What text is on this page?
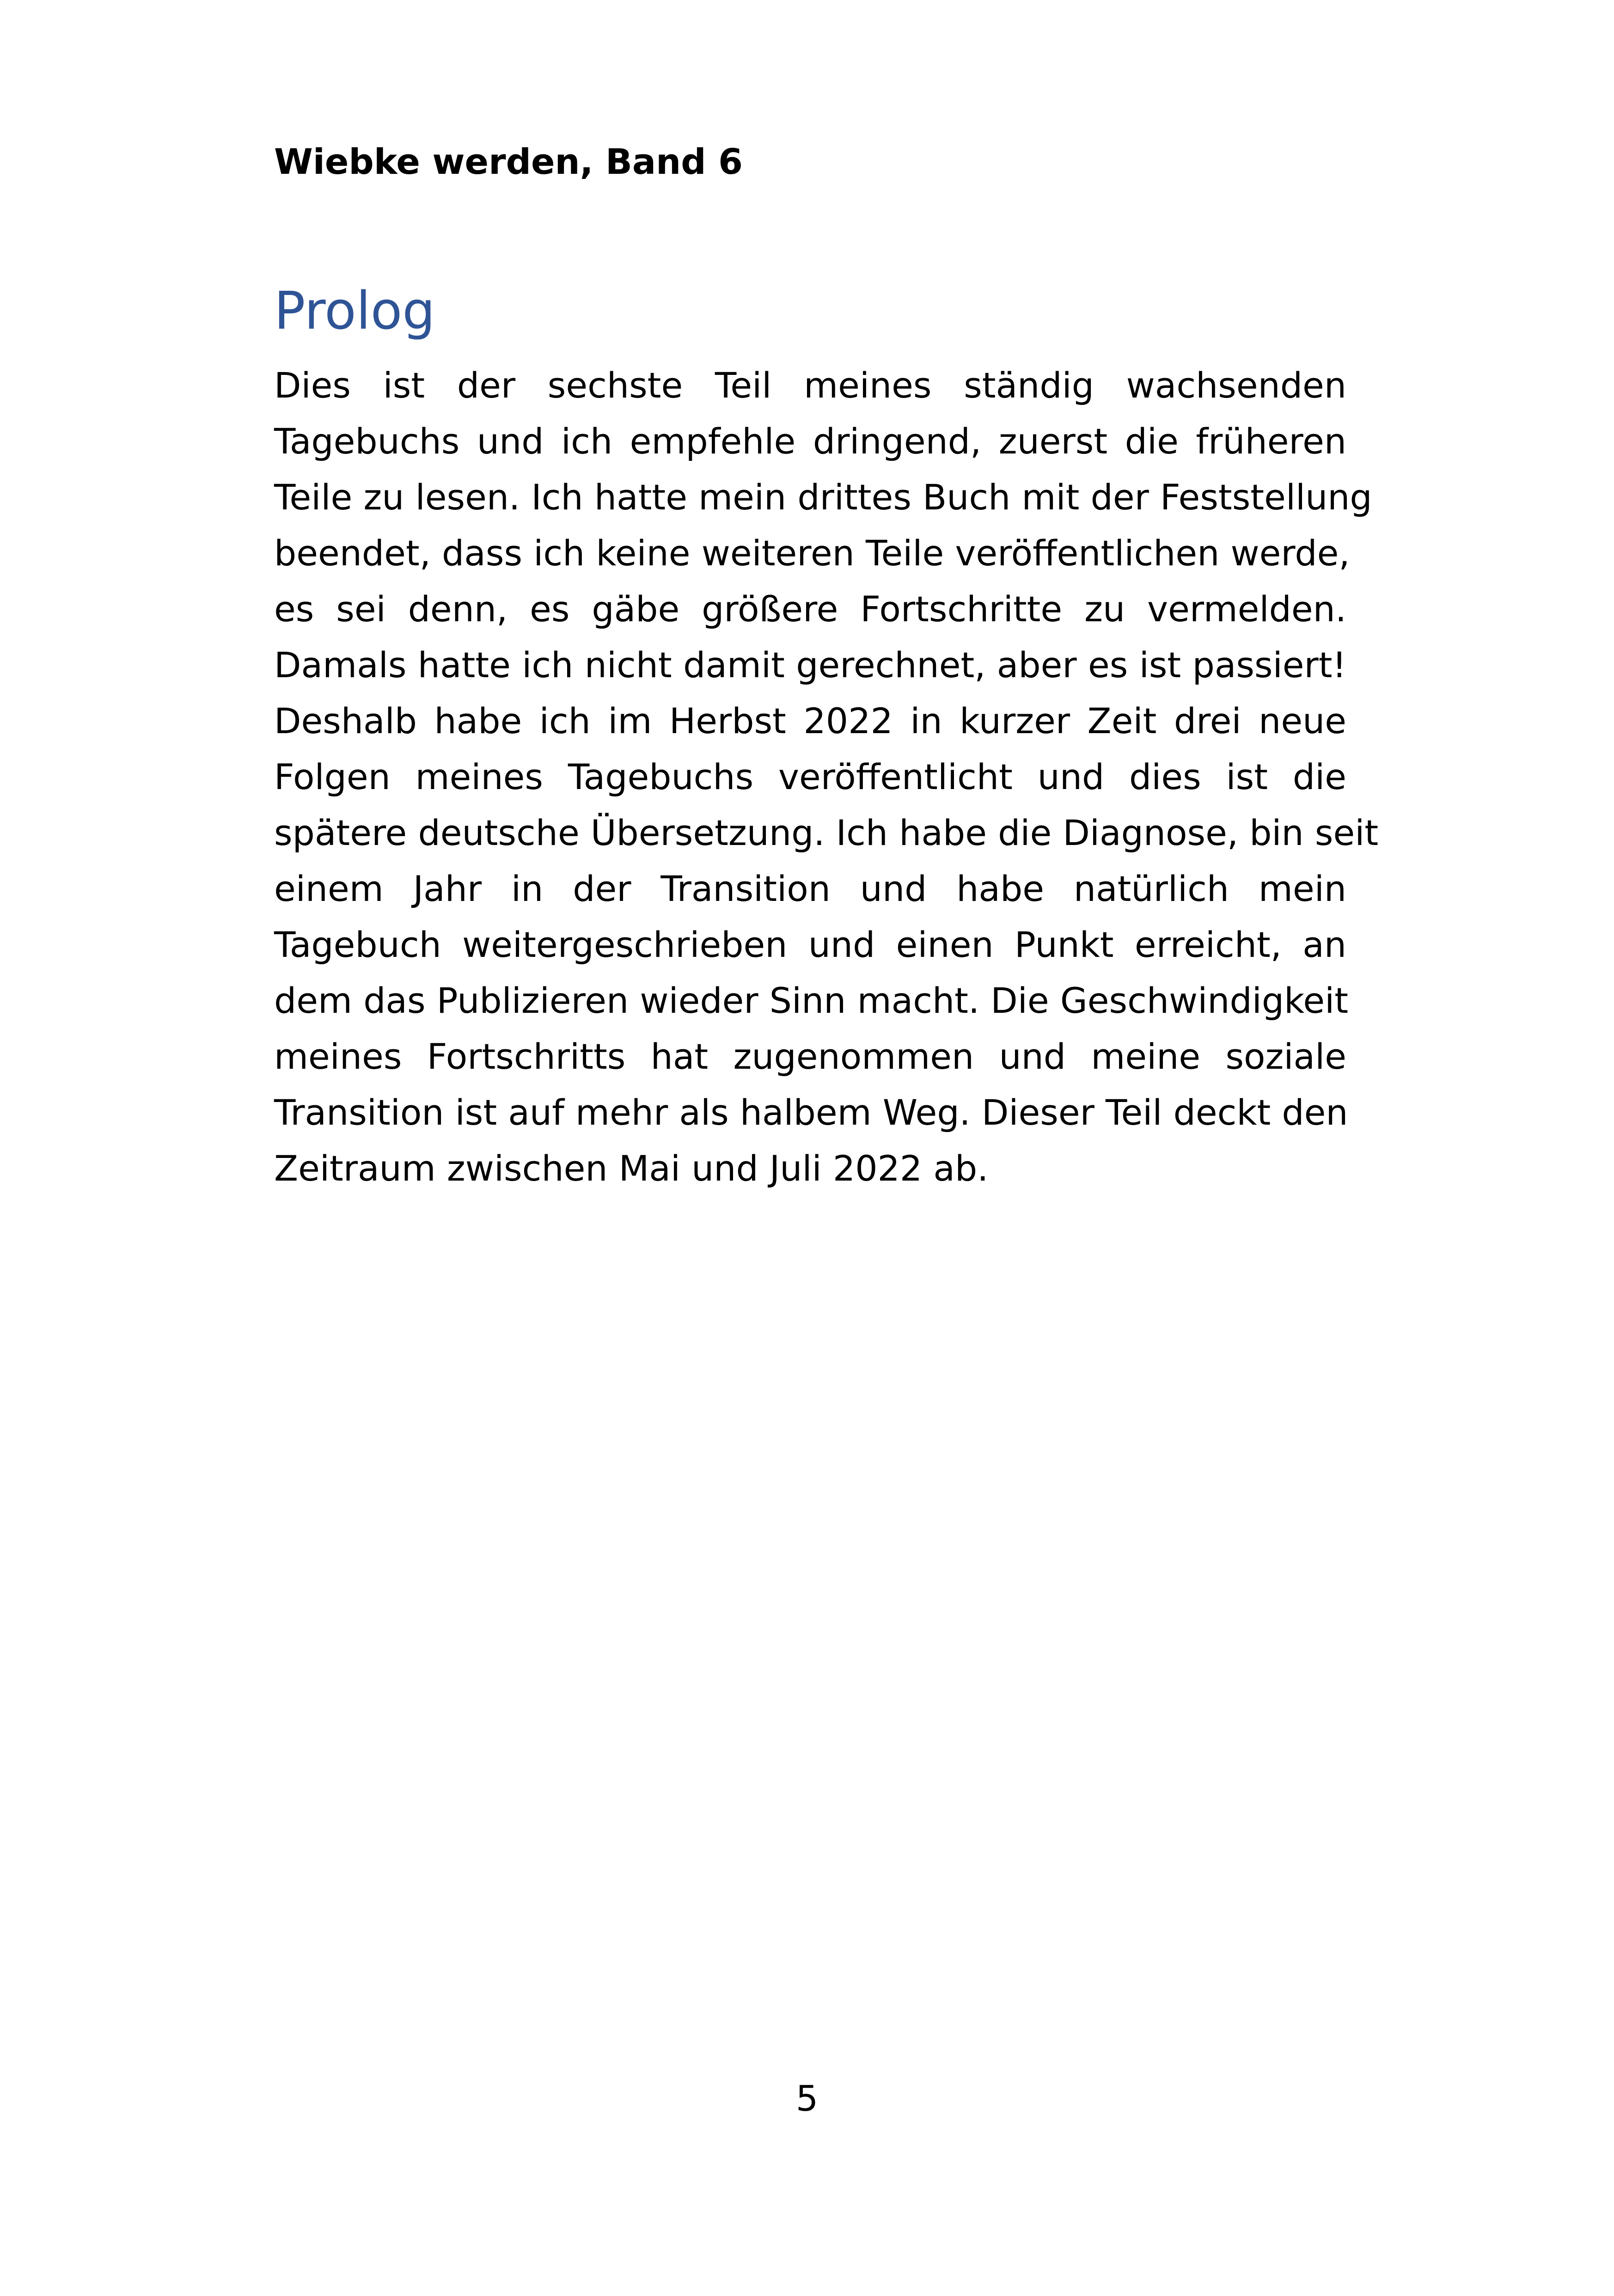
Wiebke werden, Band 6
Prolog
Dies ist der sechste Teil meines ständig wachsenden
Tagebuchs und ich empfehle dringend, zuerst die früheren
Teile zu lesen. Ich hatte mein drittes Buch mit der Feststellung
beendet, dass ich keine weiteren Teile veröffentlichen werde,
es sei denn, es gäbe größere Fortschritte zu vermelden.
Damals hatte ich nicht damit gerechnet, aber es ist passiert!
Deshalb habe ich im Herbst 2022 in kurzer Zeit drei neue
Folgen meines Tagebuchs veröffentlicht und dies ist die
spätere deutsche Übersetzung. Ich habe die Diagnose, bin seit
einem Jahr in der Transition und habe natürlich mein
Tagebuch weitergeschrieben und einen Punkt erreicht, an
dem das Publizieren wieder Sinn macht. Die Geschwindigkeit
meines Fortschritts hat zugenommen und meine soziale
Transition ist auf mehr als halbem Weg. Dieser Teil deckt den
Zeitraum zwischen Mai und Juli 2022 ab.
5
